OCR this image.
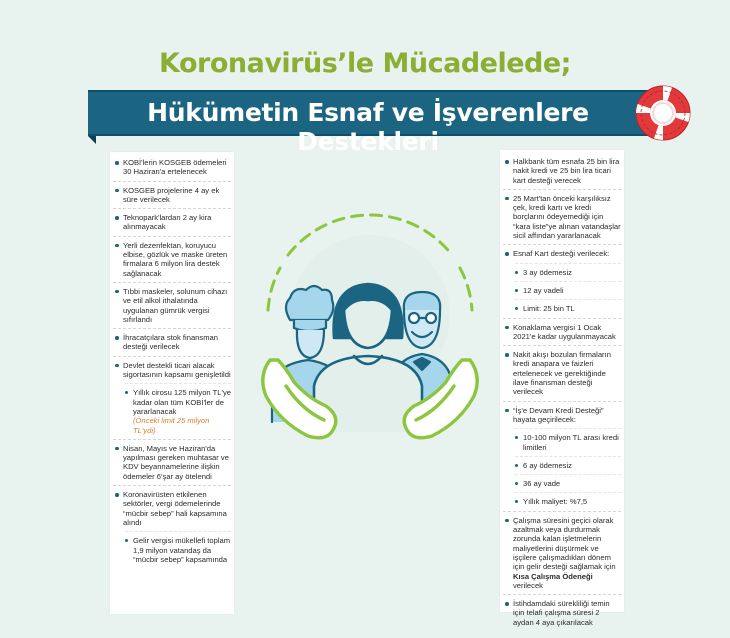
Koronavirüs’le Mücadelede;
Hükümetin Esnaf ve İşverenlere Destekleri
KOBİ'lerin KOSGEB ödemeleri 30 Haziran'a ertelenecek
KOSGEB projelerine 4 ay ek süre verilecek
Teknopark'lardan 2 ay kira alınmayacak
Yerli dezenfektan, koruyucu elbise, gözlük ve maske üreten firmalara 6 milyon lira destek sağlanacak
Tıbbi maskeler, solunum cihazı ve etil alkol ithalatında uygulanan gümrük vergisi sıfırlandı
İhracatçılara stok finansman desteği verilecek
Devlet destekli ticari alacak sigortasının kapsamı genişletildi
Yıllık cirosu 125 milyon TL'ye kadar olan tüm KOBİ'ler de yararlanacak
(Önceki limit 25 milyon TL'ydi)
Nisan, Mayıs ve Haziran'da yapılması gereken muhtasar ve KDV beyannamelerine ilişkin ödemeler 6'şar ay ötelendi
Koronavirüsten etkilenen sektörler, vergi ödemelerinde “mücbir sebep” hali kapsamına alındı
Gelir vergisi mükellefi toplam 1,9 milyon vatandaş da “mücbir sebep” kapsamında
Halkbank tüm esnafa 25 bin lira nakit kredi ve 25 bin lira ticari kart desteği verecek
25 Mart'tan önceki karşılıksız çek, kredi kartı ve kredi borçlarını ödeyemediği için “kara liste”ye alınan vatandaşlar sicil affından yararlanacak
Esnaf Kart desteği verilecek:
3 ay ödemesiz
12 ay vadeli
Limit: 25 bin TL
Konaklama vergisi 1 Ocak 2021'e kadar uygulanmayacak
Nakit akışı bozulan firmaların kredi anapara ve faizleri ertelenecek ve gerektiğinde ilave finansman desteği verilecek
“İş'e Devam Kredi Desteği” hayata geçirilecek:
10-100 milyon TL arası kredi limitleri
6 ay ödemesiz
36 ay vade
Yıllık maliyet: %7,5
Çalışma süresini geçici olarak azaltmak veya durdurmak zorunda kalan işletmelerin maliyetlerini düşürmek ve işçilere çalışmadıkları dönem için gelir desteği sağlamak için Kısa Çalışma Ödeneği verilecek
İstihdamdaki sürekliliği temin için telafi çalışma süresi 2 aydan 4 aya çıkarılacak
